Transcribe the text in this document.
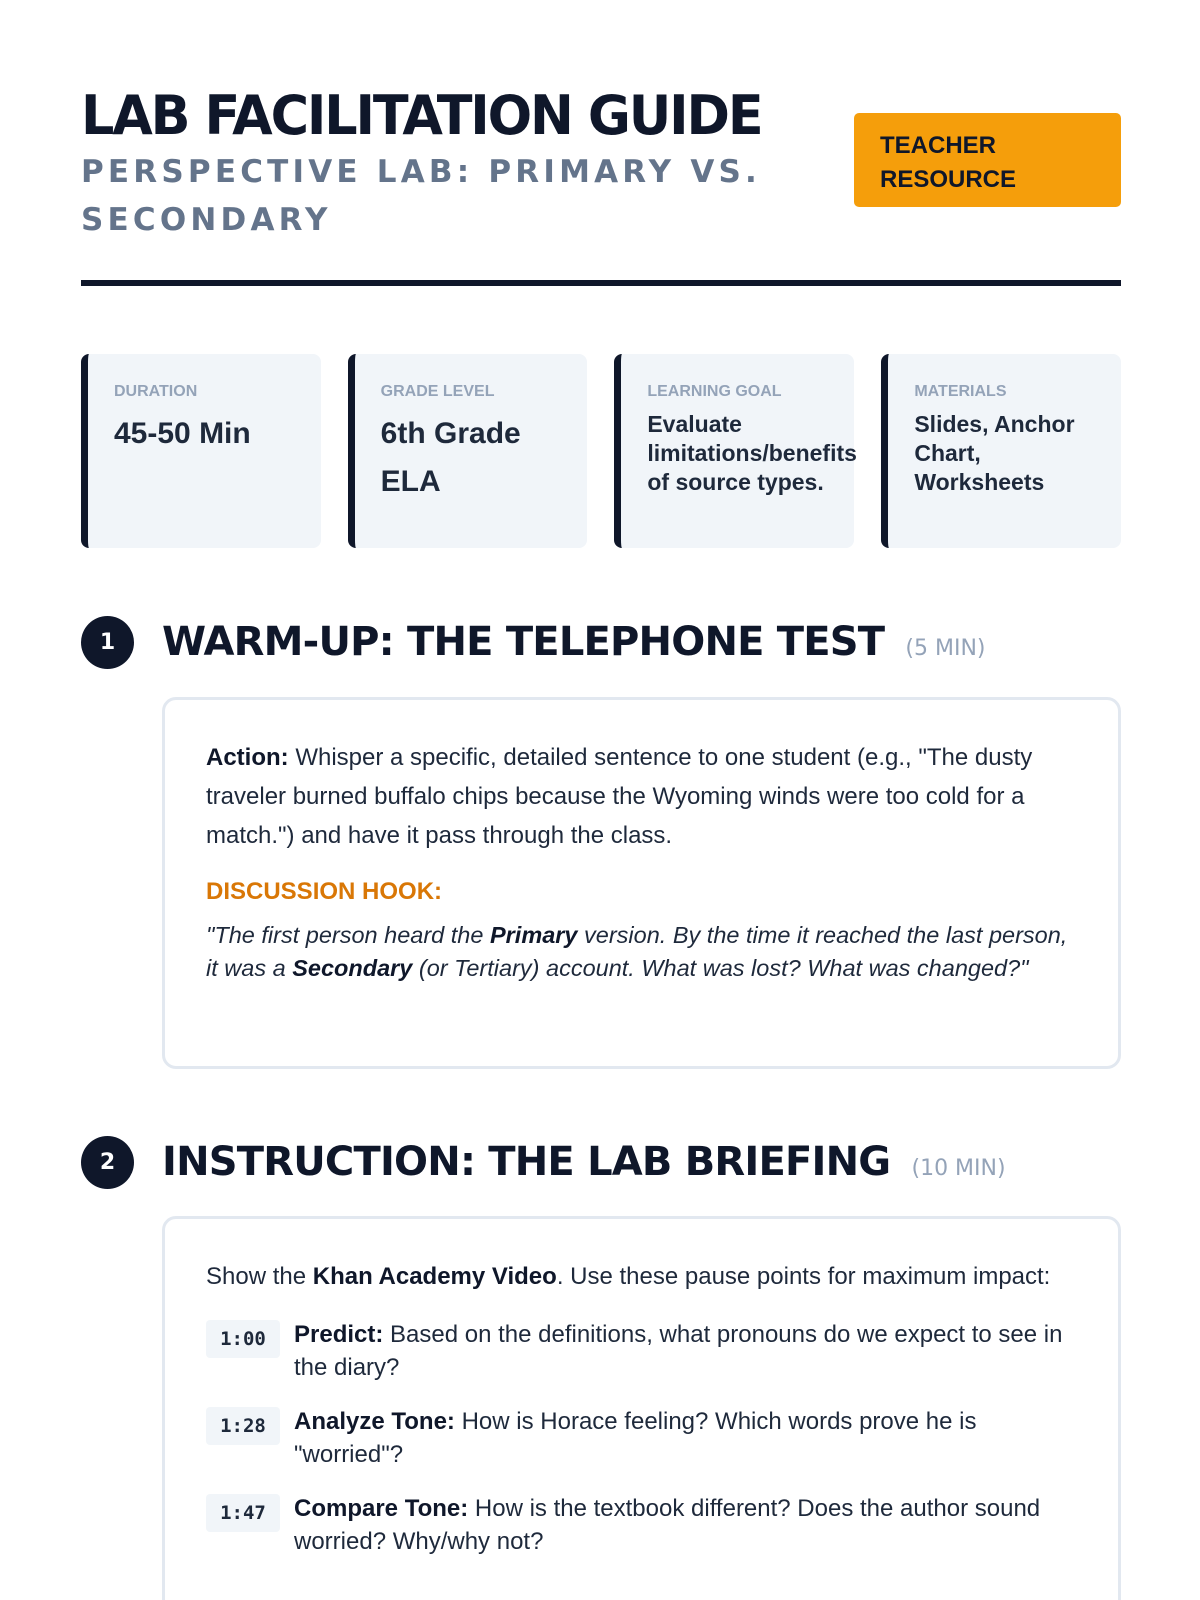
LAB FACILITATION GUIDE
PERSPECTIVE LAB: PRIMARY VS. SECONDARY
TEACHER RESOURCE
DURATION
45-50 Min
GRADE LEVEL
6th Grade ELA
LEARNING GOAL
Evaluate limitations/benefits of source types.
MATERIALS
Slides, Anchor Chart, Worksheets
1	WARM-UP: THE TELEPHONE TEST (5 MIN)

Action: Whisper a specific, detailed sentence to one student (e.g., "The dusty traveler burned buffalo chips because the Wyoming winds were too cold for a match.") and have it pass through the class.

DISCUSSION HOOK:

"The first person heard the Primary version. By the time it reached the last person, it was a Secondary (or Tertiary) account. What was lost? What was changed?"

2	INSTRUCTION: THE LAB BRIEFING (10 MIN)

Show the Khan Academy Video. Use these pause points for maximum impact:

1:00	Predict: Based on the definitions, what pronouns do we expect to see in the diary?
1:28	Analyze Tone: How is Horace feeling? Which words prove he is "worried"?
1:47	Compare Tone: How is the textbook different? Does the author sound worried? Why/why not?
